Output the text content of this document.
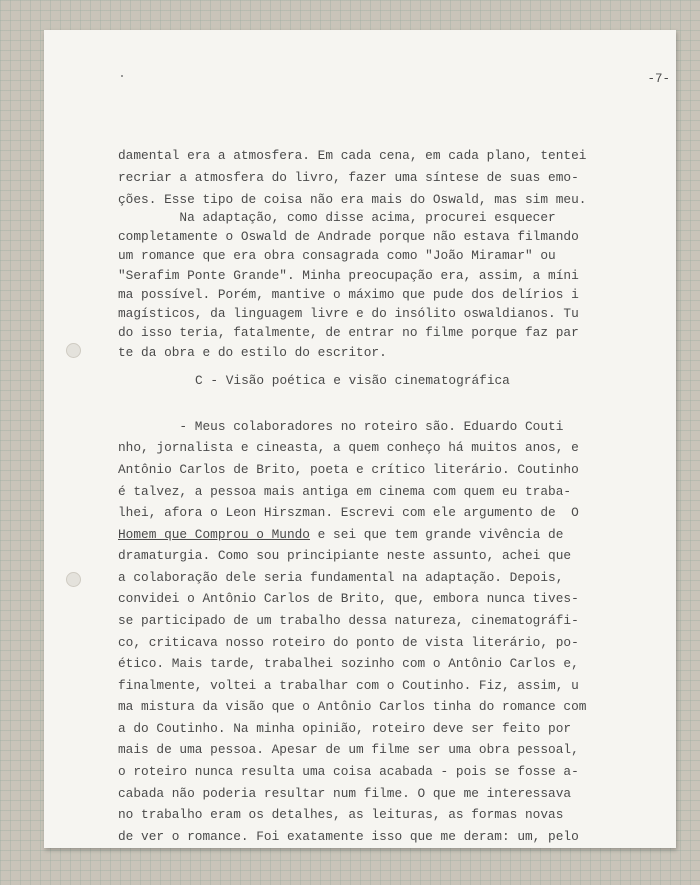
-7-
damental era a atmosfera. Em cada cena, em cada plano, tentei
recriar a atmosfera do livro, fazer uma síntese de suas emo-
ções. Esse tipo de coisa não era mais do Oswald, mas sim meu.
Na adaptação, como disse acima, procurei esquecer
completamente o Oswald de Andrade porque não estava filmando
um romance que era obra consagrada como "João Miramar" ou
"Serafim Ponte Grande". Minha preocupação era, assim, a míni
ma possível. Porém, mantive o máximo que pude dos delírios i
magísticos, da linguagem livre e do insólito oswaldianos. Tu
do isso teria, fatalmente, de entrar no filme porque faz par
te da obra e do estilo do escritor.
C - Visão poética e visão cinematográfica
- Meus colaboradores no roteiro são. Eduardo Couti
nho, jornalista e cineasta, a quem conheço há muitos anos, e
Antônio Carlos de Brito, poeta e crítico literário. Coutinho
é talvez, a pessoa mais antiga em cinema com quem eu traba-
lhei, afora o Leon Hirszman. Escrevi com ele argumento de  O
Homem que Comprou o Mundo e sei que tem grande vivência de
dramaturgia. Como sou principiante neste assunto, achei que
a colaboração dele seria fundamental na adaptação. Depois,
convidei o Antônio Carlos de Brito, que, embora nunca tives-
se participado de um trabalho dessa natureza, cinematográfi-
co, criticava nosso roteiro do ponto de vista literário, po-
ético. Mais tarde, trabalhei sozinho com o Antônio Carlos e,
finalmente, voltei a trabalhar com o Coutinho. Fiz, assim, u
ma mistura da visão que o Antônio Carlos tinha do romance com
a do Coutinho. Na minha opinião, roteiro deve ser feito por
mais de uma pessoa. Apesar de um filme ser uma obra pessoal,
o roteiro nunca resulta uma coisa acabada - pois se fosse a-
cabada não poderia resultar num filme. O que me interessava
no trabalho eram os detalhes, as leituras, as formas novas
de ver o romance. Foi exatamente isso que me deram: um, pelo
